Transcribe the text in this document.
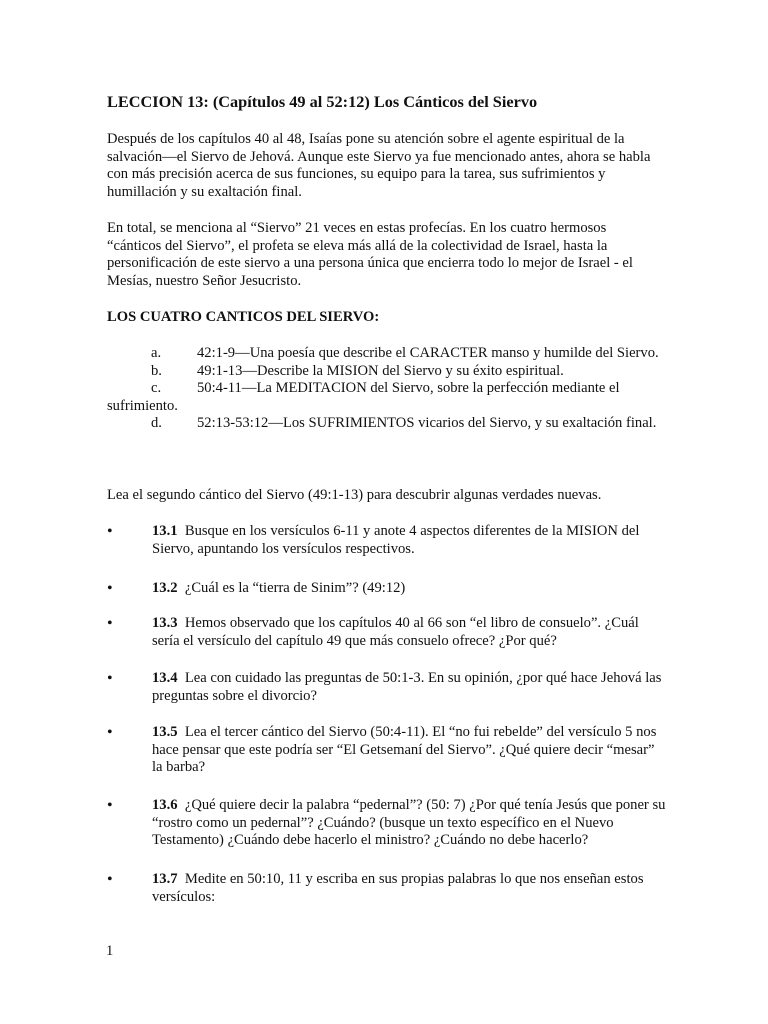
LECCION 13: (Capítulos 49 al 52:12) Los Cánticos del Siervo

Después de los capítulos 40 al 48, Isaías pone su atención sobre el agente espiritual de la salvación—el Siervo de Jehová. Aunque este Siervo ya fue mencionado antes, ahora se habla con más precisión acerca de sus funciones, su equipo para la tarea, sus sufrimientos y humillación y su exaltación final.

En total, se menciona al “Siervo” 21 veces en estas profecías. En los cuatro hermosos “cánticos del Siervo”, el profeta se eleva más allá de la colectividad de Israel, hasta la personificación de este siervo a una persona única que encierra todo lo mejor de Israel - el Mesías, nuestro Señor Jesucristo.

LOS CUATRO CANTICOS DEL SIERVO:

a. 42:1-9—Una poesía que describe el CARACTER manso y humilde del Siervo.
b. 49:1-13—Describe la MISION del Siervo y su éxito espiritual.
c. 50:4-11—La MEDITACION del Siervo, sobre la perfección mediante el sufrimiento.
d. 52:13-53:12—Los SUFRIMIENTOS vicarios del Siervo, y su exaltación final.

Lea el segundo cántico del Siervo (49:1-13) para descubrir algunas verdades nuevas.

•	13.1 Busque en los versículos 6-11 y anote 4 aspectos diferentes de la MISION del Siervo, apuntando los versículos respectivos.
•	13.2 ¿Cuál es la “tierra de Sinim”? (49:12)
•	13.3 Hemos observado que los capítulos 40 al 66 son “el libro de consuelo”. ¿Cuál sería el versículo del capítulo 49 que más consuelo ofrece? ¿Por qué?
•	13.4 Lea con cuidado las preguntas de 50:1-3. En su opinión, ¿por qué hace Jehová las preguntas sobre el divorcio?
•	13.5 Lea el tercer cántico del Siervo (50:4-11). El “no fui rebelde” del versículo 5 nos hace pensar que este podría ser “El Getsemaní del Siervo”. ¿Qué quiere decir “mesar” la barba?
•	13.6 ¿Qué quiere decir la palabra “pedernal”? (50: 7) ¿Por qué tenía Jesús que poner su “rostro como un pedernal”? ¿Cuándo? (busque un texto específico en el Nuevo Testamento) ¿Cuándo debe hacerlo el ministro? ¿Cuándo no debe hacerlo?
•	13.7 Medite en 50:10, 11 y escriba en sus propias palabras lo que nos enseñan estos versículos:

1
